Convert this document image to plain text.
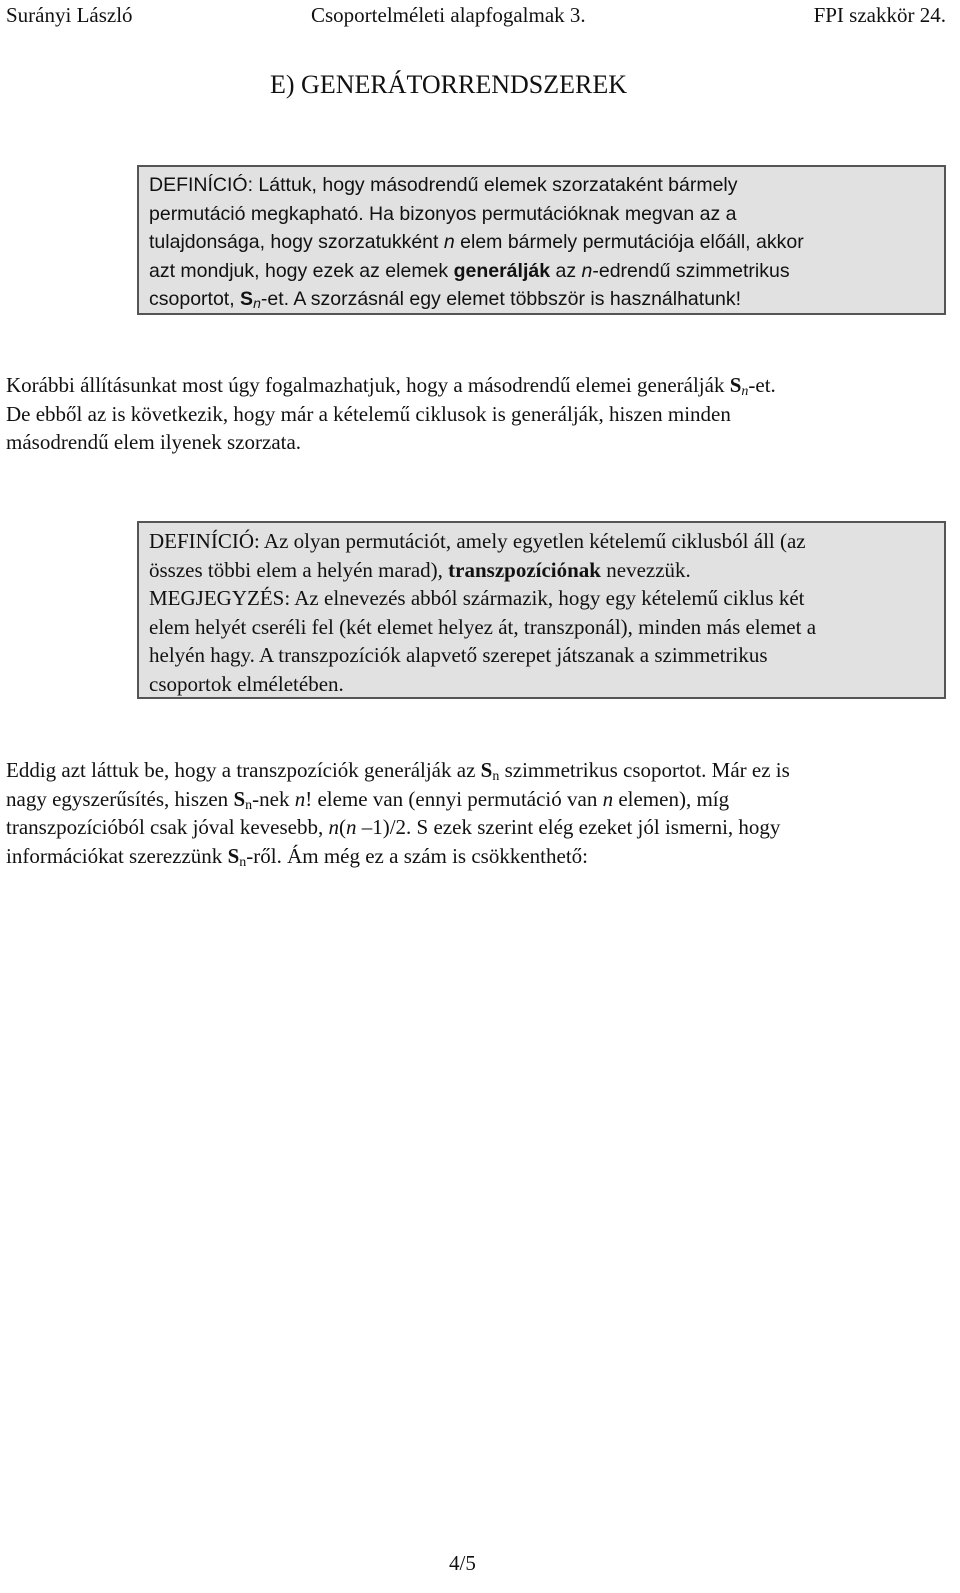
Surányi László	Csoportelméleti alapfogalmak 3.	FPI szakkör 24.
E) GENERÁTORRENDSZEREK
DEFINÍCIÓ: Láttuk, hogy másodrendű elemek szorzataként bármely
permutáció megkapható. Ha bizonyos permutációknak megvan az a
tulajdonsága, hogy szorzatukként n elem bármely permutációja előáll, akkor
azt mondjuk, hogy ezek az elemek generálják az n-edrendű szimmetrikus
csoportot, $S_n-et$. A szorzásnál egy elemet többször is használhatunk!
Korábbi állításunkat most úgy fogalmazhatjuk, hogy a másodrendű elemei generálják $S_n-et$.
De ebből az is következik, hogy már a kételemű ciklusok is generálják, hiszen minden
másodrendű elem ilyenek szorzata.
DEFINÍCIÓ: Az olyan permutációt, amely egyetlen kételemű ciklusból áll (az
összes többi elem a helyén marad), transzpozíciónak nevezzük.
MEGJEGYZÉS: Az elnevezés abból származik, hogy egy kételemű ciklus két
elem helyét cseréli fel (két elemet helyez át, transzponál), minden más elemet a
helyén hagy. A transzpozíciók alapvető szerepet játszanak a szimmetrikus
csoportok elméletében.
Eddig azt láttuk be, hogy a transzpozíciók generálják az $S_n$ szimmetrikus csoportot. Már ez is
nagy egyszerűsítés, hiszen $S_n$-nek n! eleme van (ennyi permutáció van n elemen), míg
transzpozícióból csak jóval kevesebb, n(n –1)/2. S ezek szerint elég ezeket jól ismerni, hogy
információkat szerezzünk $S_n$-ről. Ám még ez a szám is csökkenthető:
4/5
